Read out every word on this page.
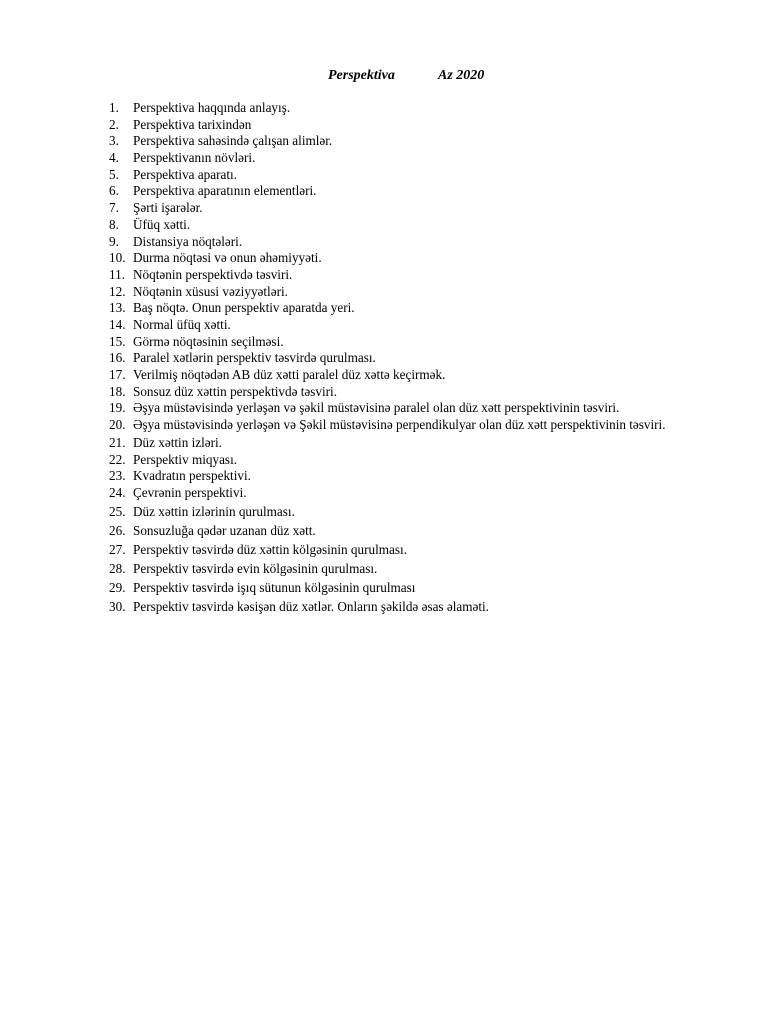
Perspektiva	Az 2020
1. Perspektiva haqqında anlayış.
2. Perspektiva tarixindən
3. Perspektiva sahəsində çalışan alimlər.
4. Perspektivanın növləri.
5. Perspektiva aparatı.
6. Perspektiva aparatının elementləri.
7. Şərti işarələr.
8. Üfüq xətti.
9. Distansiya nöqtələri.
10. Durma nöqtəsi və onun əhəmiyyəti.
11. Nöqtənin perspektivdə təsviri.
12. Nöqtənin xüsusi vəziyyətləri.
13. Baş nöqtə. Onun perspektiv aparatda yeri.
14. Normal üfüq xətti.
15. Görmə nöqtəsinin seçilməsi.
16. Paralel xətlərin perspektiv təsvirdə qurulması.
17. Verilmiş nöqtədən AB düz xətti paralel düz xəttə keçirmək.
18. Sonsuz düz xəttin perspektivdə təsviri.
19. Əşya müstəvisində yerləşən və şəkil müstəvisinə paralel olan düz xətt perspektivinin təsviri.
20. Əşya müstəvisində yerləşən və Şəkil müstəvisinə perpendikulyar olan düz xətt perspektivinin təsviri.
21. Düz xəttin izləri.
22. Perspektiv miqyası.
23. Kvadratın perspektivi.
24. Çevrənin perspektivi.
25. Düz xəttin izlərinin qurulması.
26. Sonsuzluğa qədər uzanan düz xətt.
27. Perspektiv təsvirdə düz xəttin kölgəsinin qurulması.
28. Perspektiv təsvirdə evin kölgəsinin qurulması.
29. Perspektiv təsvirdə işıq sütunun kölgəsinin qurulması
30. Perspektiv təsvirdə kəsişən düz xətlər. Onların şəkildə əsas əlaməti.
